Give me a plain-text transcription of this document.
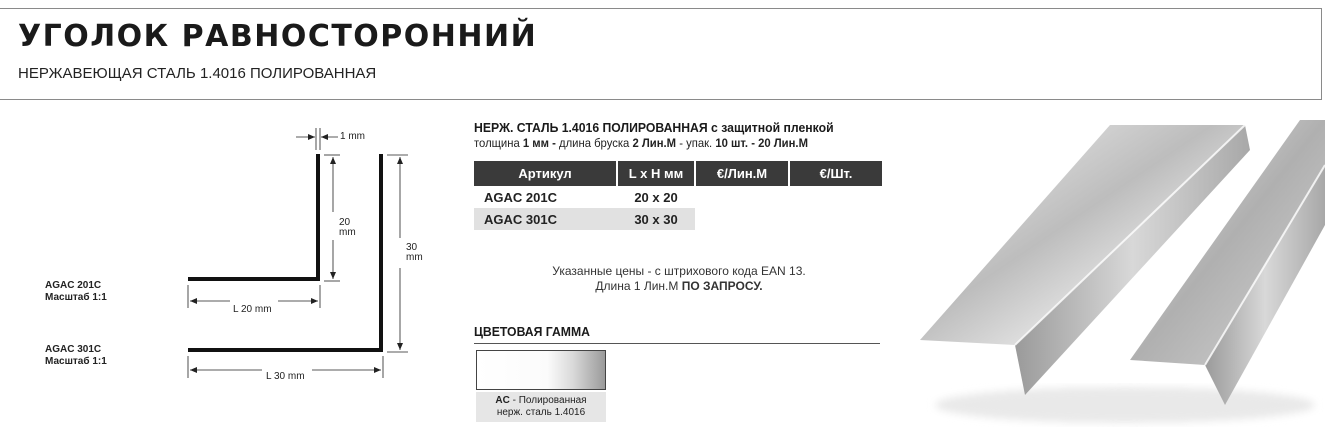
УГОЛОК РАВНОСТОРОННИЙ
НЕРЖАВЕЮЩАЯ СТАЛЬ 1.4016 ПОЛИРОВАННАЯ
1 mm
20
mm
30
mm
L 20 mm
L 30 mm
AGAC 201C
Масштаб 1:1
AGAC 301C
Масштаб 1:1
НЕРЖ. СТАЛЬ 1.4016 ПОЛИРОВАННАЯ с защитной пленкой
толщина 1 мм - длина бруска 2 Лин.М - упак. 10 шт. - 20 Лин.М
Артикул	L x H мм	€/Лин.М	€/Шт.
AGAC 201C	20 x 20		
AGAC 301C	30 x 30		
Указанные цены - с штрихового кода EAN 13.
Длина 1 Лин.М ПО ЗАПРОСУ.
ЦВЕТОВАЯ ГАММА
AC - Полированная
нерж. сталь 1.4016
